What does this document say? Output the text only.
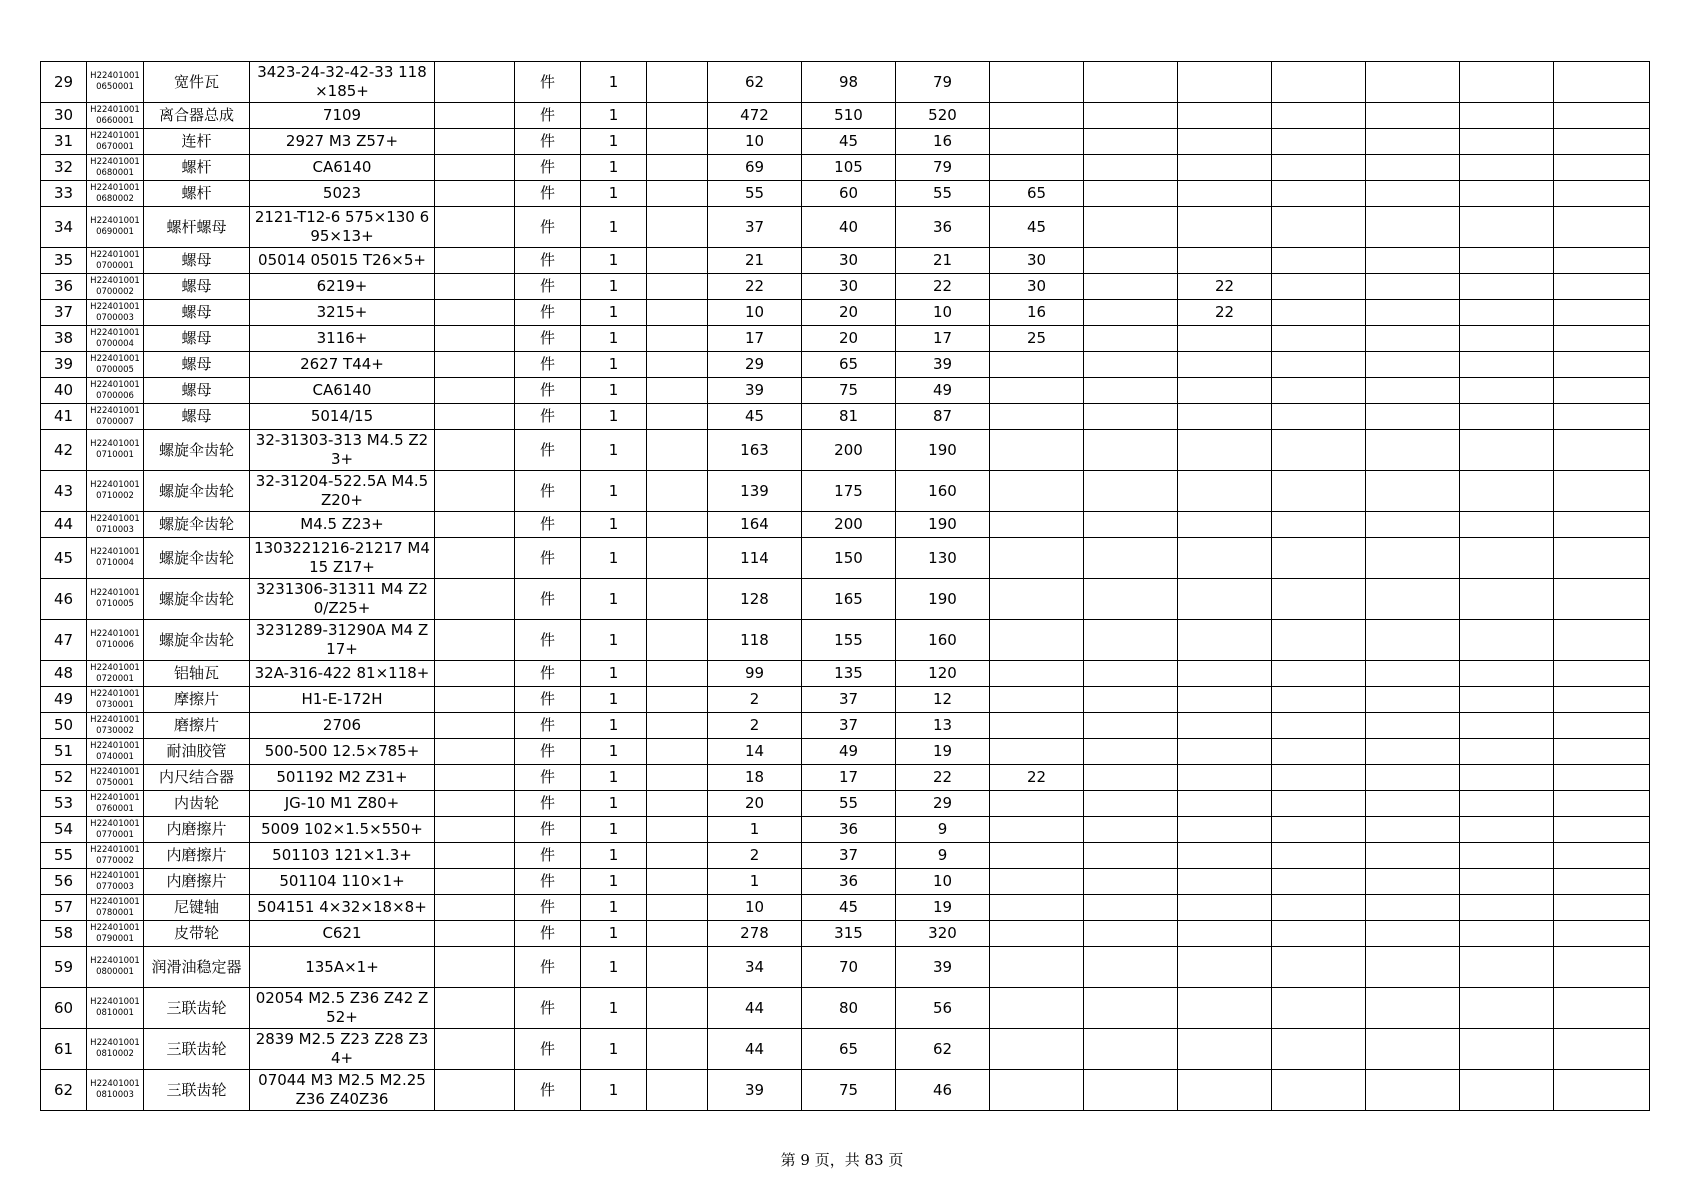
29	H224010010650001	宽件瓦	3423-24-32-42-33 118×185+		件	1		62	98	79							
30	H224010010660001	离合器总成	7109		件	1		472	510	520							
31	H224010010670001	连杆	2927 M3 Z57+		件	1		10	45	16							
32	H224010010680001	螺杆	CA6140		件	1		69	105	79							
33	H224010010680002	螺杆	5023		件	1		55	60	55	65						
34	H224010010690001	螺杆螺母	2121-T12-6 575×130 695×13+		件	1		37	40	36	45						
35	H224010010700001	螺母	05014 05015 T26×5+		件	1		21	30	21	30						
36	H224010010700002	螺母	6219+		件	1		22	30	22	30		22				
37	H224010010700003	螺母	3215+		件	1		10	20	10	16		22				
38	H224010010700004	螺母	3116+		件	1		17	20	17	25						
39	H224010010700005	螺母	2627 T44+		件	1		29	65	39							
40	H224010010700006	螺母	CA6140		件	1		39	75	49							
41	H224010010700007	螺母	5014/15		件	1		45	81	87							
42	H224010010710001	螺旋伞齿轮	32-31303-313 M4.5 Z23+		件	1		163	200	190							
43	H224010010710002	螺旋伞齿轮	32-31204-522.5A M4.5 Z20+		件	1		139	175	160							
44	H224010010710003	螺旋伞齿轮	M4.5 Z23+		件	1		164	200	190							
45	H224010010710004	螺旋伞齿轮	1303221216-21217 M415 Z17+		件	1		114	150	130							
46	H224010010710005	螺旋伞齿轮	3231306-31311 M4 Z20/Z25+		件	1		128	165	190							
47	H224010010710006	螺旋伞齿轮	3231289-31290A M4 Z17+		件	1		118	155	160							
48	H224010010720001	铝轴瓦	32A-316-422 81×118+		件	1		99	135	120							
49	H224010010730001	摩擦片	H1-E-172H		件	1		2	37	12							
50	H224010010730002	磨擦片	2706		件	1		2	37	13							
51	H224010010740001	耐油胶管	500-500 12.5×785+		件	1		14	49	19							
52	H224010010750001	内尺结合器	501192 M2 Z31+		件	1		18	17	22	22						
53	H224010010760001	内齿轮	JG-10 M1 Z80+		件	1		20	55	29							
54	H224010010770001	内磨擦片	5009 102×1.5×550+		件	1		1	36	9							
55	H224010010770002	内磨擦片	501103 121×1.3+		件	1		2	37	9							
56	H224010010770003	内磨擦片	501104 110×1+		件	1		1	36	10							
57	H224010010780001	尼键轴	504151 4×32×18×8+		件	1		10	45	19							
58	H224010010790001	皮带轮	C621		件	1		278	315	320							
59	H224010010800001	润滑油稳定器	135A×1+		件	1		34	70	39							
60	H224010010810001	三联齿轮	02054 M2.5 Z36 Z42 Z52+		件	1		44	80	56							
61	H224010010810002	三联齿轮	2839 M2.5 Z23 Z28 Z34+		件	1		44	65	62							
62	H224010010810003	三联齿轮	07044 M3 M2.5 M2.25 Z36 Z40Z36		件	1		39	75	46							
第 9 页，共 83 页
